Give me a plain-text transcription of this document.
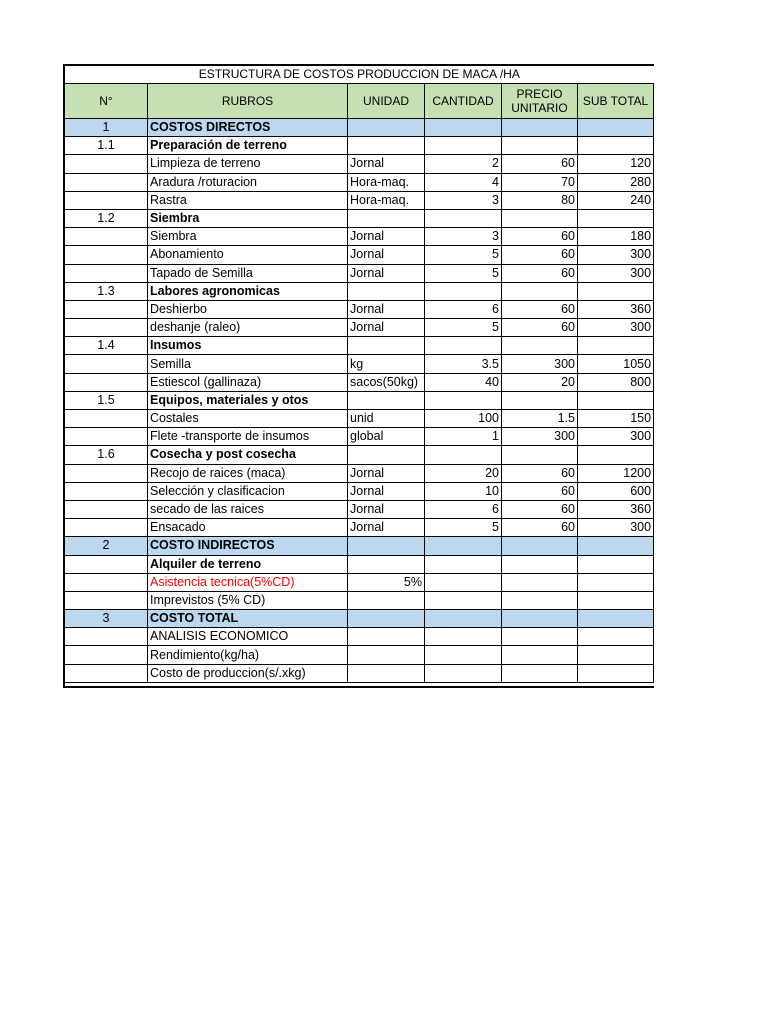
ESTRUCTURA DE COSTOS PRODUCCION DE MACA /HA					
N°	RUBROS	UNIDAD	CANTIDAD	PRECIO UNITARIO	SUB TOTAL
1	COSTOS DIRECTOS				
1.1	Preparación de terreno				
	Limpieza de terreno	Jornal	2	60	120
	Aradura /roturacion	Hora-maq.	4	70	280
	Rastra	Hora-maq.	3	80	240
1.2	Siembra				
	Siembra	Jornal	3	60	180
	Abonamiento	Jornal	5	60	300
	Tapado de Semilla	Jornal	5	60	300
1.3	Labores agronomicas				
	Deshierbo	Jornal	6	60	360
	deshanje (raleo)	Jornal	5	60	300
1.4	Insumos				
	Semilla	kg	3.5	300	1050
	Estiescol (gallinaza)	sacos(50kg)	40	20	800
1.5	Equipos, materiales y otos				
	Costales	unid	100	1.5	150
	Flete -transporte de insumos	global	1	300	300
1.6	Cosecha y post cosecha				
	Recojo de raices (maca)	Jornal	20	60	1200
	Selección y clasificacion	Jornal	10	60	600
	secado de las raices	Jornal	6	60	360
	Ensacado	Jornal	5	60	300
2	COSTO INDIRECTOS				
	Alquiler de terreno				
	Asistencia tecnica(5%CD)	5%			
	Imprevistos (5% CD)				
3	COSTO TOTAL				
	ANALISIS ECONOMICO				
	Rendimiento(kg/ha)				
	Costo de produccion(s/.xkg)				
